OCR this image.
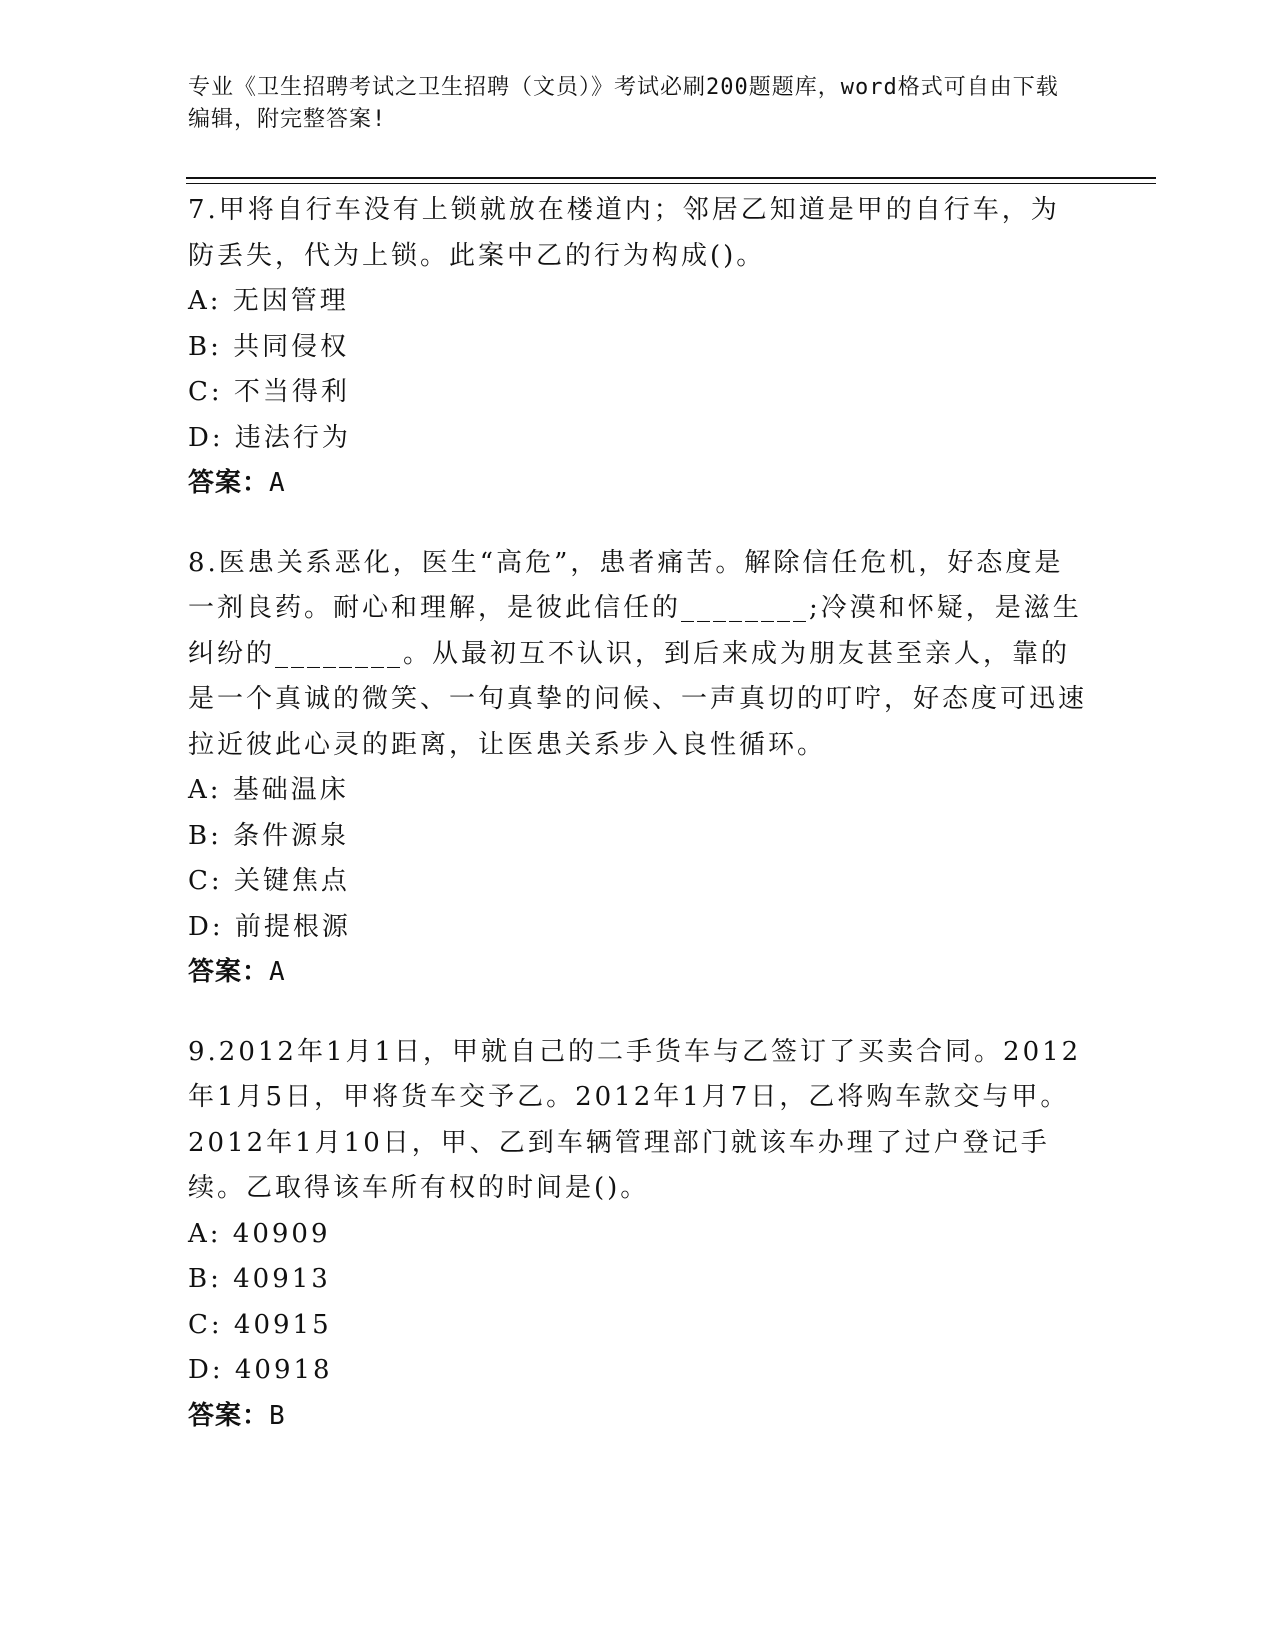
专业《卫生招聘考试之卫生招聘（文员）》考试必刷200题题库，word格式可自由下载编辑，附完整答案!

7.甲将自行车没有上锁就放在楼道内；邻居乙知道是甲的自行车，为防丢失，代为上锁。此案中乙的行为构成()。

A: 无因管理
B: 共同侵权
C: 不当得利
D: 违法行为
答案：A

8.医患关系恶化，医生“高危”，患者痛苦。解除信任危机，好态度是一剂良药。耐心和理解，是彼此信任的________;冷漠和怀疑，是滋生纠纷的________。从最初互不认识，到后来成为朋友甚至亲人，靠的是一个真诚的微笑、一句真挚的问候、一声真切的叮咛，好态度可迅速拉近彼此心灵的距离，让医患关系步入良性循环。

A: 基础温床
B: 条件源泉
C: 关键焦点
D: 前提根源
答案：A

9.2012年1月1日，甲就自己的二手货车与乙签订了买卖合同。2012年1月5日，甲将货车交予乙。2012年1月7日，乙将购车款交与甲。2012年1月10日，甲、乙到车辆管理部门就该车办理了过户登记手续。乙取得该车所有权的时间是()。

A: 40909
B: 40913
C: 40915
D: 40918
答案：B
